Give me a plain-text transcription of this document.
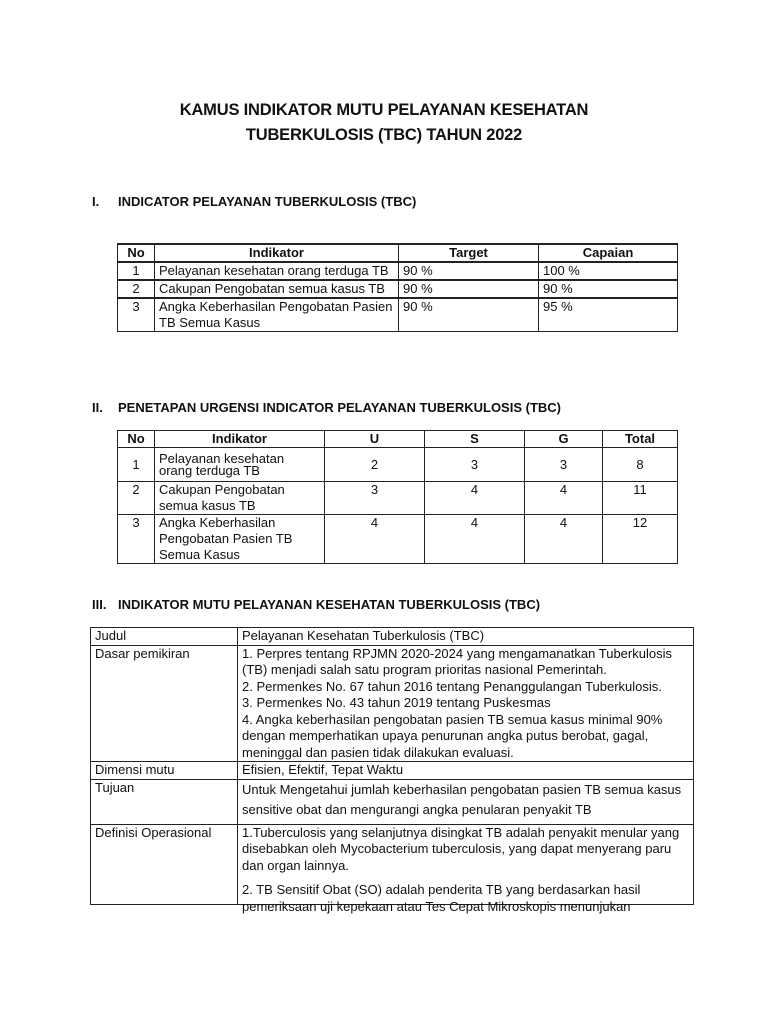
KAMUS INDIKATOR MUTU PELAYANAN KESEHATAN
TUBERKULOSIS (TBC) TAHUN 2022
I. INDICATOR PELAYANAN TUBERKULOSIS (TBC)
No	Indikator	Target	Capaian
1	Pelayanan kesehatan orang terduga TB	90 %	100 %
2	Cakupan Pengobatan semua kasus TB	90 %	90 %
3	Angka Keberhasilan Pengobatan Pasien TB Semua Kasus	90 %	95 %
II. PENETAPAN URGENSI INDICATOR PELAYANAN TUBERKULOSIS (TBC)
No	Indikator	U	S	G	Total
1	Pelayanan kesehatan orang terduga TB	2	3	3	8
2	Cakupan Pengobatan semua kasus TB	3	4	4	11
3	Angka Keberhasilan Pengobatan Pasien TB Semua Kasus	4	4	4	12
III. INDIKATOR MUTU PELAYANAN KESEHATAN TUBERKULOSIS (TBC)
Judul	Pelayanan Kesehatan Tuberkulosis (TBC)
Dasar pemikiran	1. Perpres tentang RPJMN 2020-2024 yang mengamanatkan Tuberkulosis (TB) menjadi salah satu program prioritas nasional Pemerintah.

2. Permenkes No. 67 tahun 2016 tentang Penanggulangan Tuberkulosis.

3. Permenkes No. 43 tahun 2019 tentang Puskesmas

4. Angka keberhasilan pengobatan pasien TB semua kasus minimal 90% dengan memperhatikan upaya penurunan angka putus berobat, gagal, meninggal dan pasien tidak dilakukan evaluasi.

Dimensi mutu	Efisien, Efektif, Tepat Waktu
Tujuan	Untuk Mengetahui jumlah keberhasilan pengobatan pasien TB semua kasus sensitive obat dan mengurangi angka penularan penyakit TB
Definisi Operasional	1.Tuberculosis yang selanjutnya disingkat TB adalah penyakit menular yang disebabkan oleh Mycobacterium tuberculosis, yang dapat menyerang paru dan organ lainnya.

2. TB Sensitif Obat (SO) adalah penderita TB yang berdasarkan hasil pemeriksaan uji kepekaan atau Tes Cepat Mikroskopis menunjukan
